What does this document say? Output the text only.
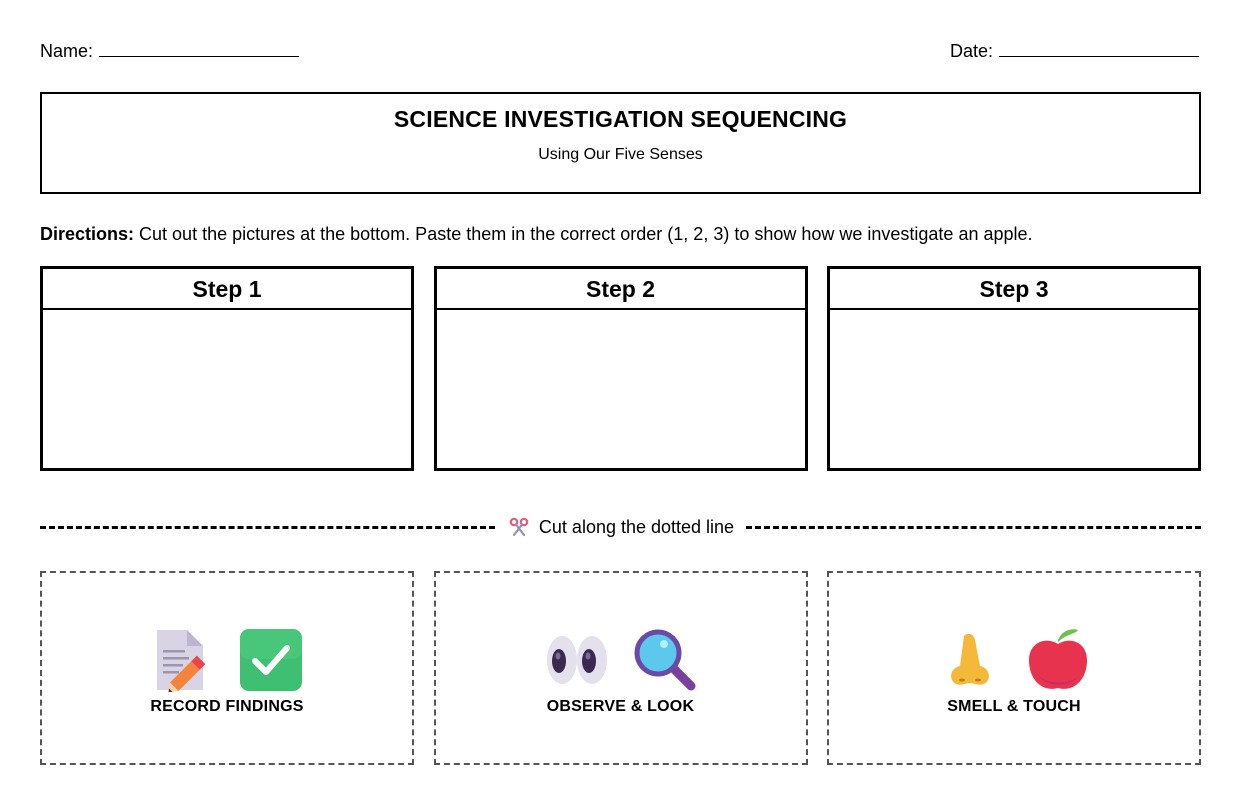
Name:	Date:
SCIENCE INVESTIGATION SEQUENCING
Using Our Five Senses
Directions: Cut out the pictures at the bottom. Paste them in the correct order (1, 2, 3) to show how we investigate an apple.
Step 1	Step 2	Step 3
Cut along the dotted line
RECORD FINDINGS	OBSERVE & LOOK	SMELL & TOUCH
